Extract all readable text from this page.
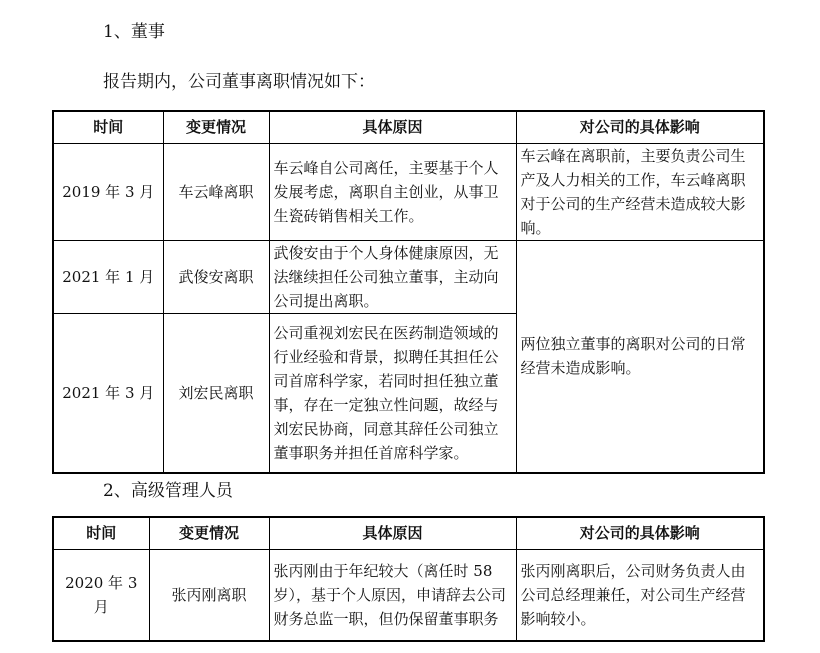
1、董事
报告期内，公司董事离职情况如下：
时间	变更情况	具体原因	对公司的具体影响
2019 年 3 月	车云峰离职	车云峰自公司离任，主要基于个人发展考虑，离职自主创业，从事卫生瓷砖销售相关工作。	车云峰在离职前，主要负责公司生产及人力相关的工作，车云峰离职对于公司的生产经营未造成较大影响。
2021 年 1 月	武俊安离职	武俊安由于个人身体健康原因，无法继续担任公司独立董事，主动向公司提出离职。	两位独立董事的离职对公司的日常经营未造成影响。
2021 年 3 月	刘宏民离职	公司重视刘宏民在医药制造领域的行业经验和背景，拟聘任其担任公司首席科学家，若同时担任独立董事，存在一定独立性问题，故经与刘宏民协商，同意其辞任公司独立董事职务并担任首席科学家。	
2、高级管理人员
时间	变更情况	具体原因	对公司的具体影响
2020 年 3 月	张丙刚离职	张丙刚由于年纪较大（离任时 58 岁），基于个人原因，申请辞去公司财务总监一职，但仍保留董事职务	张丙刚离职后，公司财务负责人由公司总经理兼任，对公司生产经营影响较小。
